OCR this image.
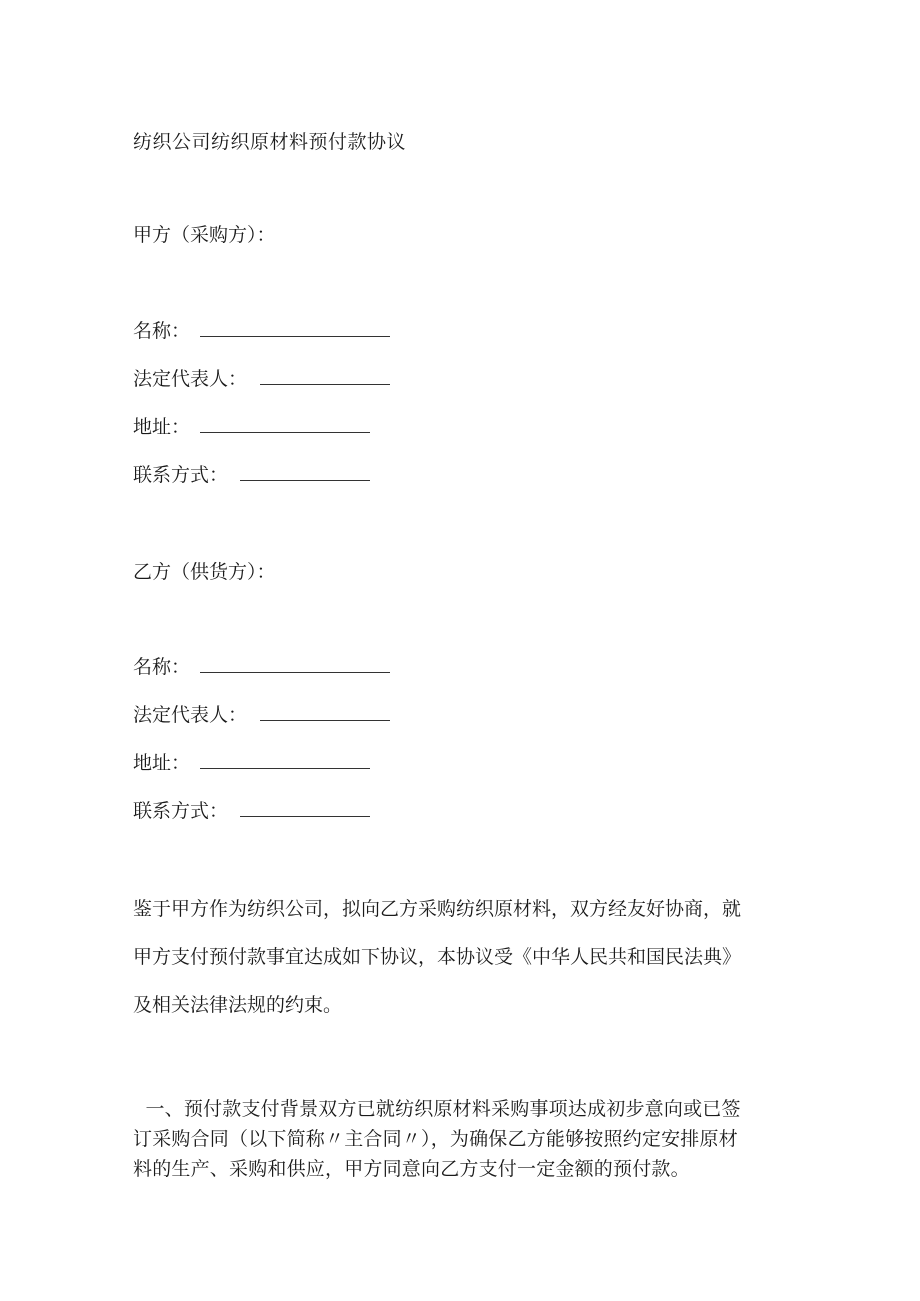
纺织公司纺织原材料预付款协议
甲方（采购方）：
名称：
法定代表人：
地址：
联系方式：
乙方（供货方）：
名称：
法定代表人：
地址：
联系方式：
鉴于甲方作为纺织公司，拟向乙方采购纺织原材料，双方经友好协商，就
甲方支付预付款事宜达成如下协议，本协议受《中华人民共和国民法典》
及相关法律法规的约束。
一、预付款支付背景双方已就纺织原材料采购事项达成初步意向或已签
订采购合同（以下简称〃主合同〃），为确保乙方能够按照约定安排原材
料的生产、采购和供应，甲方同意向乙方支付一定金额的预付款。
